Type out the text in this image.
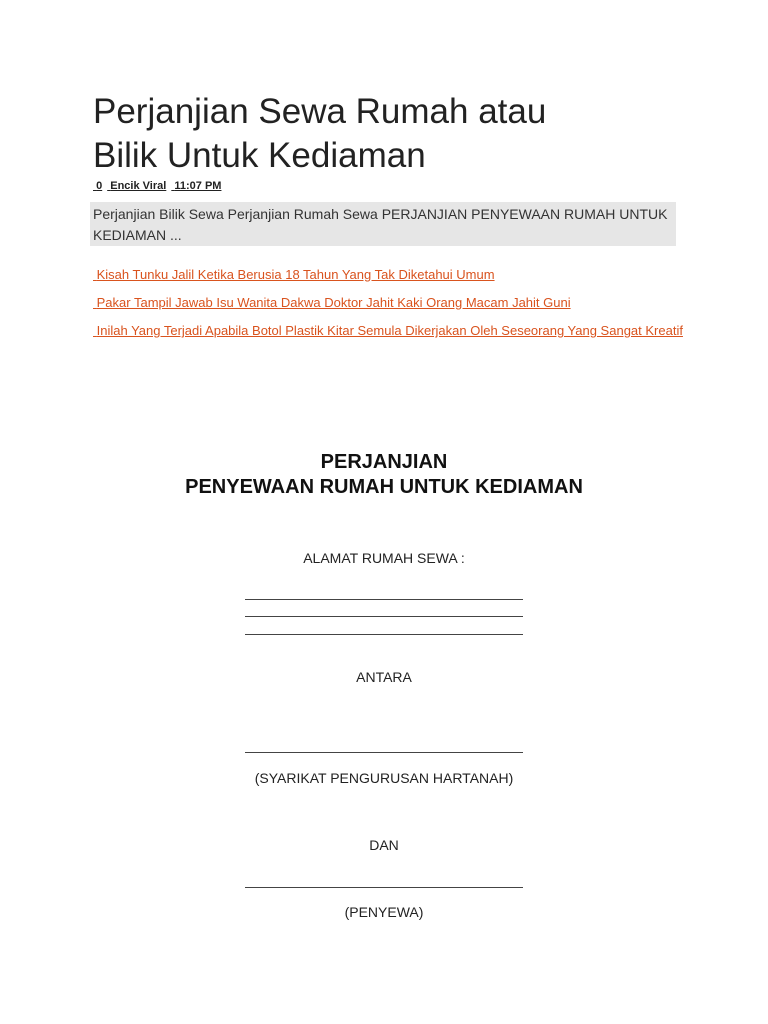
Perjanjian Sewa Rumah atau
Bilik Untuk Kediaman
0 Encik Viral 11:07 PM
Perjanjian Bilik Sewa Perjanjian Rumah Sewa PERJANJIAN PENYEWAAN RUMAH UNTUK KEDIAMAN ...
Kisah Tunku Jalil Ketika Berusia 18 Tahun Yang Tak Diketahui Umum
Pakar Tampil Jawab Isu Wanita Dakwa Doktor Jahit Kaki Orang Macam Jahit Guni
Inilah Yang Terjadi Apabila Botol Plastik Kitar Semula Dikerjakan Oleh Seseorang Yang Sangat Kreatif
PERJANJIAN
PENYEWAAN RUMAH UNTUK KEDIAMAN
ALAMAT RUMAH SEWA :
ANTARA
(SYARIKAT PENGURUSAN HARTANAH)
DAN
(PENYEWA)
